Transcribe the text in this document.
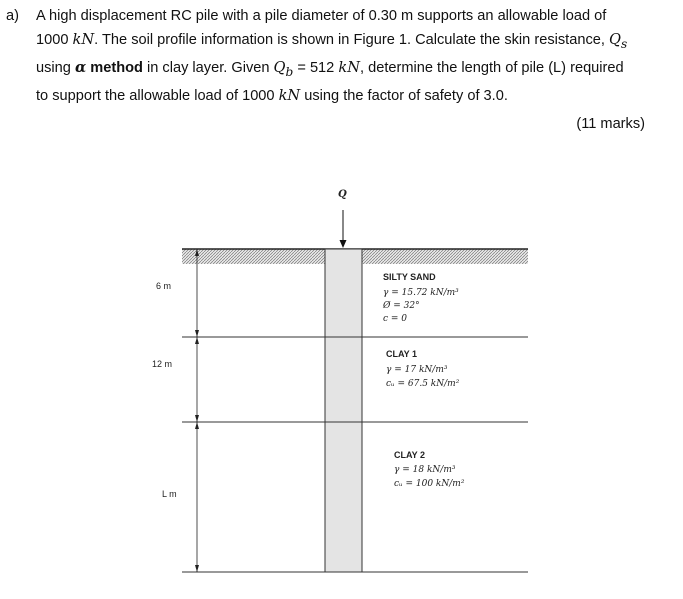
a) A high displacement RC pile with a pile diameter of 0.30 m supports an allowable load of
1000 kN. The soil profile information is shown in Figure 1. Calculate the skin resistance, $Q_s$
using α method in clay layer. Given $Q_b = 512$ kN, determine the length of pile (L) required
to support the allowable load of 1000 kN using the factor of safety of 3.0.
(11 marks)
Q
6 m
12 m
L m
SILTY SAND
γ = 15.72 kN/m³
Ø = 32°
c = 0
CLAY 1
γ = 17 kN/m³
cᵤ = 67.5 kN/m²
CLAY 2
γ = 18 kN/m³
cᵤ = 100 kN/m²
